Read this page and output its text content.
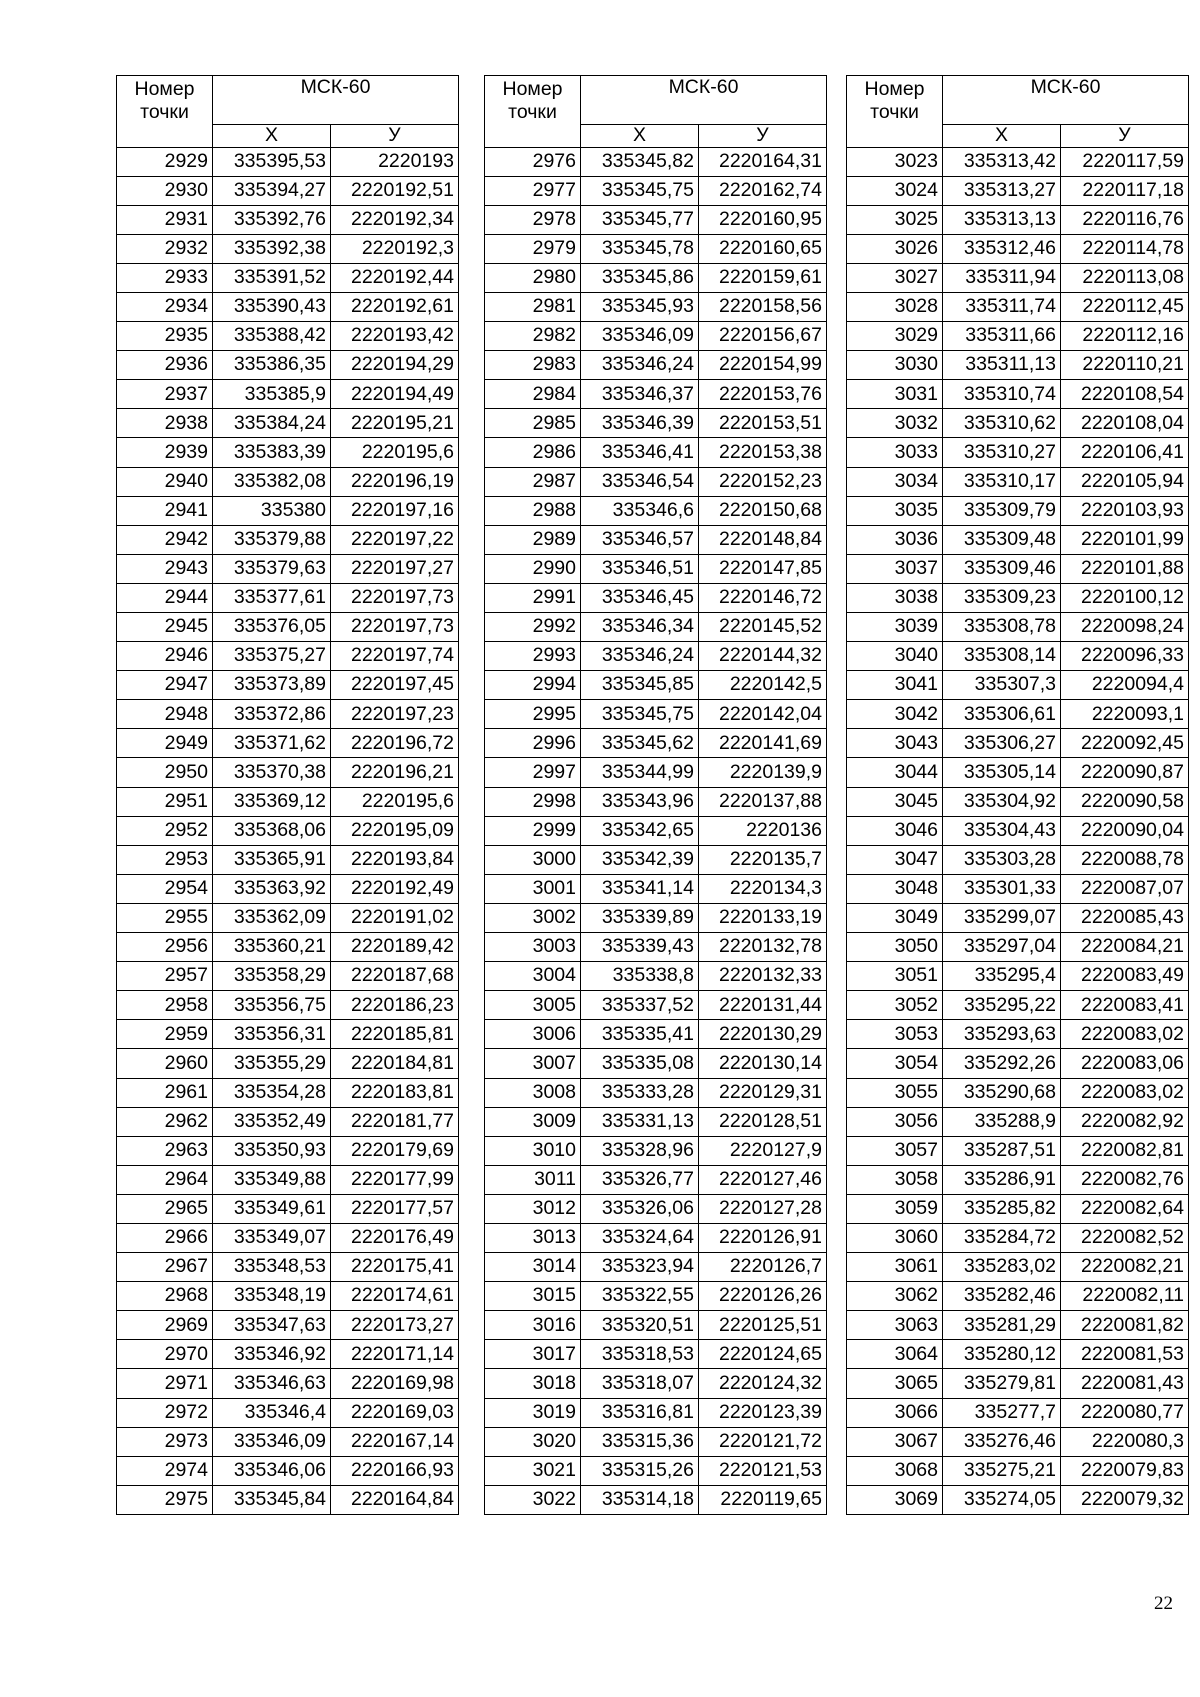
Номер
точки	МСК-60	
	Х	У
2929	335395,53	2220193
2930	335394,27	2220192,51
2931	335392,76	2220192,34
2932	335392,38	2220192,3
2933	335391,52	2220192,44
2934	335390,43	2220192,61
2935	335388,42	2220193,42
2936	335386,35	2220194,29
2937	335385,9	2220194,49
2938	335384,24	2220195,21
2939	335383,39	2220195,6
2940	335382,08	2220196,19
2941	335380	2220197,16
2942	335379,88	2220197,22
2943	335379,63	2220197,27
2944	335377,61	2220197,73
2945	335376,05	2220197,73
2946	335375,27	2220197,74
2947	335373,89	2220197,45
2948	335372,86	2220197,23
2949	335371,62	2220196,72
2950	335370,38	2220196,21
2951	335369,12	2220195,6
2952	335368,06	2220195,09
2953	335365,91	2220193,84
2954	335363,92	2220192,49
2955	335362,09	2220191,02
2956	335360,21	2220189,42
2957	335358,29	2220187,68
2958	335356,75	2220186,23
2959	335356,31	2220185,81
2960	335355,29	2220184,81
2961	335354,28	2220183,81
2962	335352,49	2220181,77
2963	335350,93	2220179,69
2964	335349,88	2220177,99
2965	335349,61	2220177,57
2966	335349,07	2220176,49
2967	335348,53	2220175,41
2968	335348,19	2220174,61
2969	335347,63	2220173,27
2970	335346,92	2220171,14
2971	335346,63	2220169,98
2972	335346,4	2220169,03
2973	335346,09	2220167,14
2974	335346,06	2220166,93
2975	335345,84	2220164,84
Номер
точки	МСК-60	
	Х	У
2976	335345,82	2220164,31
2977	335345,75	2220162,74
2978	335345,77	2220160,95
2979	335345,78	2220160,65
2980	335345,86	2220159,61
2981	335345,93	2220158,56
2982	335346,09	2220156,67
2983	335346,24	2220154,99
2984	335346,37	2220153,76
2985	335346,39	2220153,51
2986	335346,41	2220153,38
2987	335346,54	2220152,23
2988	335346,6	2220150,68
2989	335346,57	2220148,84
2990	335346,51	2220147,85
2991	335346,45	2220146,72
2992	335346,34	2220145,52
2993	335346,24	2220144,32
2994	335345,85	2220142,5
2995	335345,75	2220142,04
2996	335345,62	2220141,69
2997	335344,99	2220139,9
2998	335343,96	2220137,88
2999	335342,65	2220136
3000	335342,39	2220135,7
3001	335341,14	2220134,3
3002	335339,89	2220133,19
3003	335339,43	2220132,78
3004	335338,8	2220132,33
3005	335337,52	2220131,44
3006	335335,41	2220130,29
3007	335335,08	2220130,14
3008	335333,28	2220129,31
3009	335331,13	2220128,51
3010	335328,96	2220127,9
3011	335326,77	2220127,46
3012	335326,06	2220127,28
3013	335324,64	2220126,91
3014	335323,94	2220126,7
3015	335322,55	2220126,26
3016	335320,51	2220125,51
3017	335318,53	2220124,65
3018	335318,07	2220124,32
3019	335316,81	2220123,39
3020	335315,36	2220121,72
3021	335315,26	2220121,53
3022	335314,18	2220119,65
Номер
точки	МСК-60	
	Х	У
3023	335313,42	2220117,59
3024	335313,27	2220117,18
3025	335313,13	2220116,76
3026	335312,46	2220114,78
3027	335311,94	2220113,08
3028	335311,74	2220112,45
3029	335311,66	2220112,16
3030	335311,13	2220110,21
3031	335310,74	2220108,54
3032	335310,62	2220108,04
3033	335310,27	2220106,41
3034	335310,17	2220105,94
3035	335309,79	2220103,93
3036	335309,48	2220101,99
3037	335309,46	2220101,88
3038	335309,23	2220100,12
3039	335308,78	2220098,24
3040	335308,14	2220096,33
3041	335307,3	2220094,4
3042	335306,61	2220093,1
3043	335306,27	2220092,45
3044	335305,14	2220090,87
3045	335304,92	2220090,58
3046	335304,43	2220090,04
3047	335303,28	2220088,78
3048	335301,33	2220087,07
3049	335299,07	2220085,43
3050	335297,04	2220084,21
3051	335295,4	2220083,49
3052	335295,22	2220083,41
3053	335293,63	2220083,02
3054	335292,26	2220083,06
3055	335290,68	2220083,02
3056	335288,9	2220082,92
3057	335287,51	2220082,81
3058	335286,91	2220082,76
3059	335285,82	2220082,64
3060	335284,72	2220082,52
3061	335283,02	2220082,21
3062	335282,46	2220082,11
3063	335281,29	2220081,82
3064	335280,12	2220081,53
3065	335279,81	2220081,43
3066	335277,7	2220080,77
3067	335276,46	2220080,3
3068	335275,21	2220079,83
3069	335274,05	2220079,32
22
